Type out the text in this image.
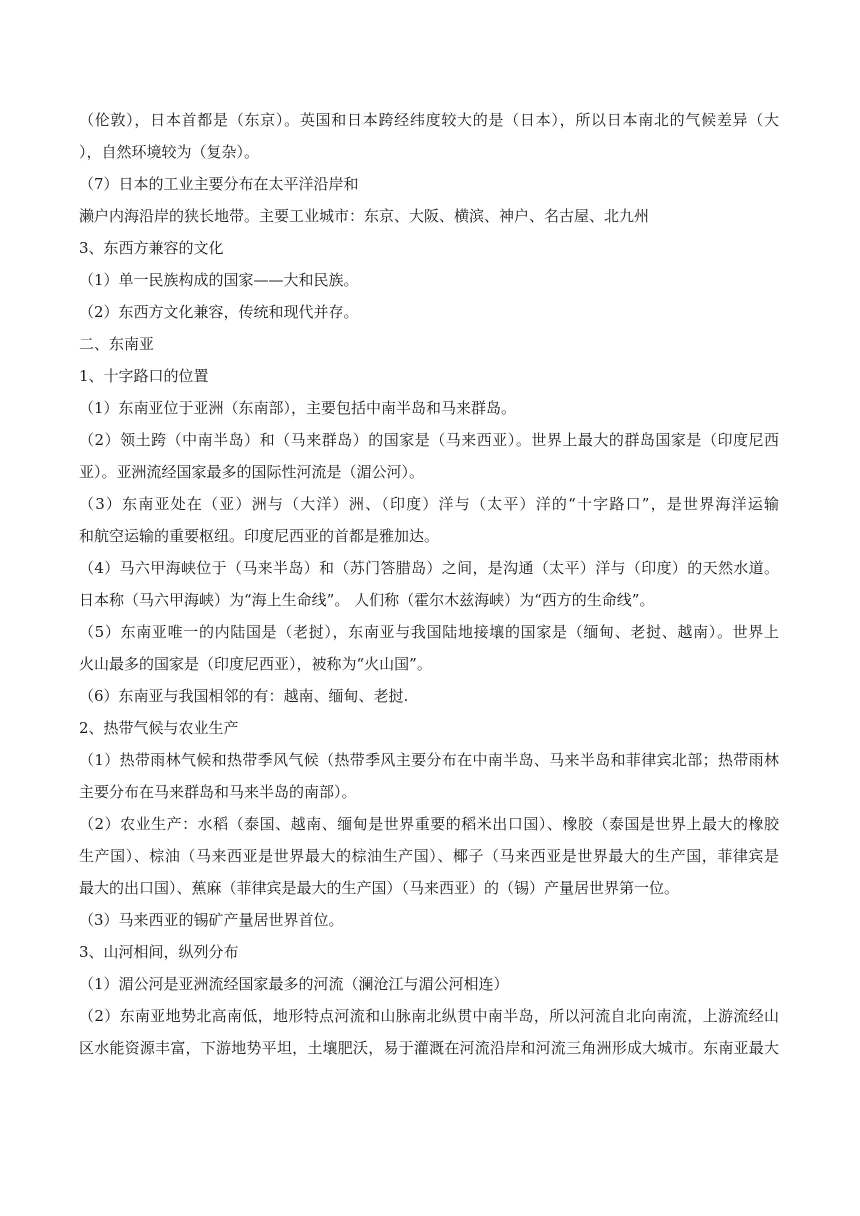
（伦敦），日本首都是（东京）。英国和日本跨经纬度较大的是（日本），所以日本南北的气候差异（大
），自然环境较为（复杂）。
（7）日本的工业主要分布在太平洋沿岸和
濑户内海沿岸的狭长地带。主要工业城市：东京、大阪、横滨、神户、名古屋、北九州
3、东西方兼容的文化
（1）单一民族构成的国家——大和民族。
（2）东西方文化兼容，传统和现代并存。
二、东南亚
1、十字路口的位置
（1）东南亚位于亚洲（东南部），主要包括中南半岛和马来群岛。
（2）领土跨（中南半岛）和（马来群岛）的国家是（马来西亚）。世界上最大的群岛国家是（印度尼西
亚）。亚洲流经国家最多的国际性河流是（湄公河）。
（3）东南亚处在（亚）洲与（大洋）洲、（印度）洋与（太平）洋的“十字路口”，是世界海洋运输
和航空运输的重要枢纽。印度尼西亚的首都是雅加达。
（4）马六甲海峡位于（马来半岛）和（苏门答腊岛）之间，是沟通（太平）洋与（印度）的天然水道。
日本称（马六甲海峡）为“海上生命线”。 人们称（霍尔木兹海峡）为“西方的生命线”。
（5）东南亚唯一的内陆国是（老挝），东南亚与我国陆地接壤的国家是（缅甸、老挝、越南）。世界上
火山最多的国家是（印度尼西亚），被称为“火山国”。
（6）东南亚与我国相邻的有：越南、缅甸、老挝.
2、热带气候与农业生产
（1）热带雨林气候和热带季风气候（热带季风主要分布在中南半岛、马来半岛和菲律宾北部；热带雨林
主要分布在马来群岛和马来半岛的南部）。
（2）农业生产：水稻（泰国、越南、缅甸是世界重要的稻米出口国）、橡胶（泰国是世界上最大的橡胶
生产国）、棕油（马来西亚是世界最大的棕油生产国）、椰子（马来西亚是世界最大的生产国，菲律宾是
最大的出口国）、蕉麻（菲律宾是最大的生产国）（马来西亚）的（锡）产量居世界第一位。
（3）马来西亚的锡矿产量居世界首位。
3、山河相间，纵列分布
（1）湄公河是亚洲流经国家最多的河流（澜沧江与湄公河相连）
（2）东南亚地势北高南低，地形特点河流和山脉南北纵贯中南半岛，所以河流自北向南流，上游流经山
区水能资源丰富，下游地势平坦，土壤肥沃，易于灌溉在河流沿岸和河流三角洲形成大城市。东南亚最大
